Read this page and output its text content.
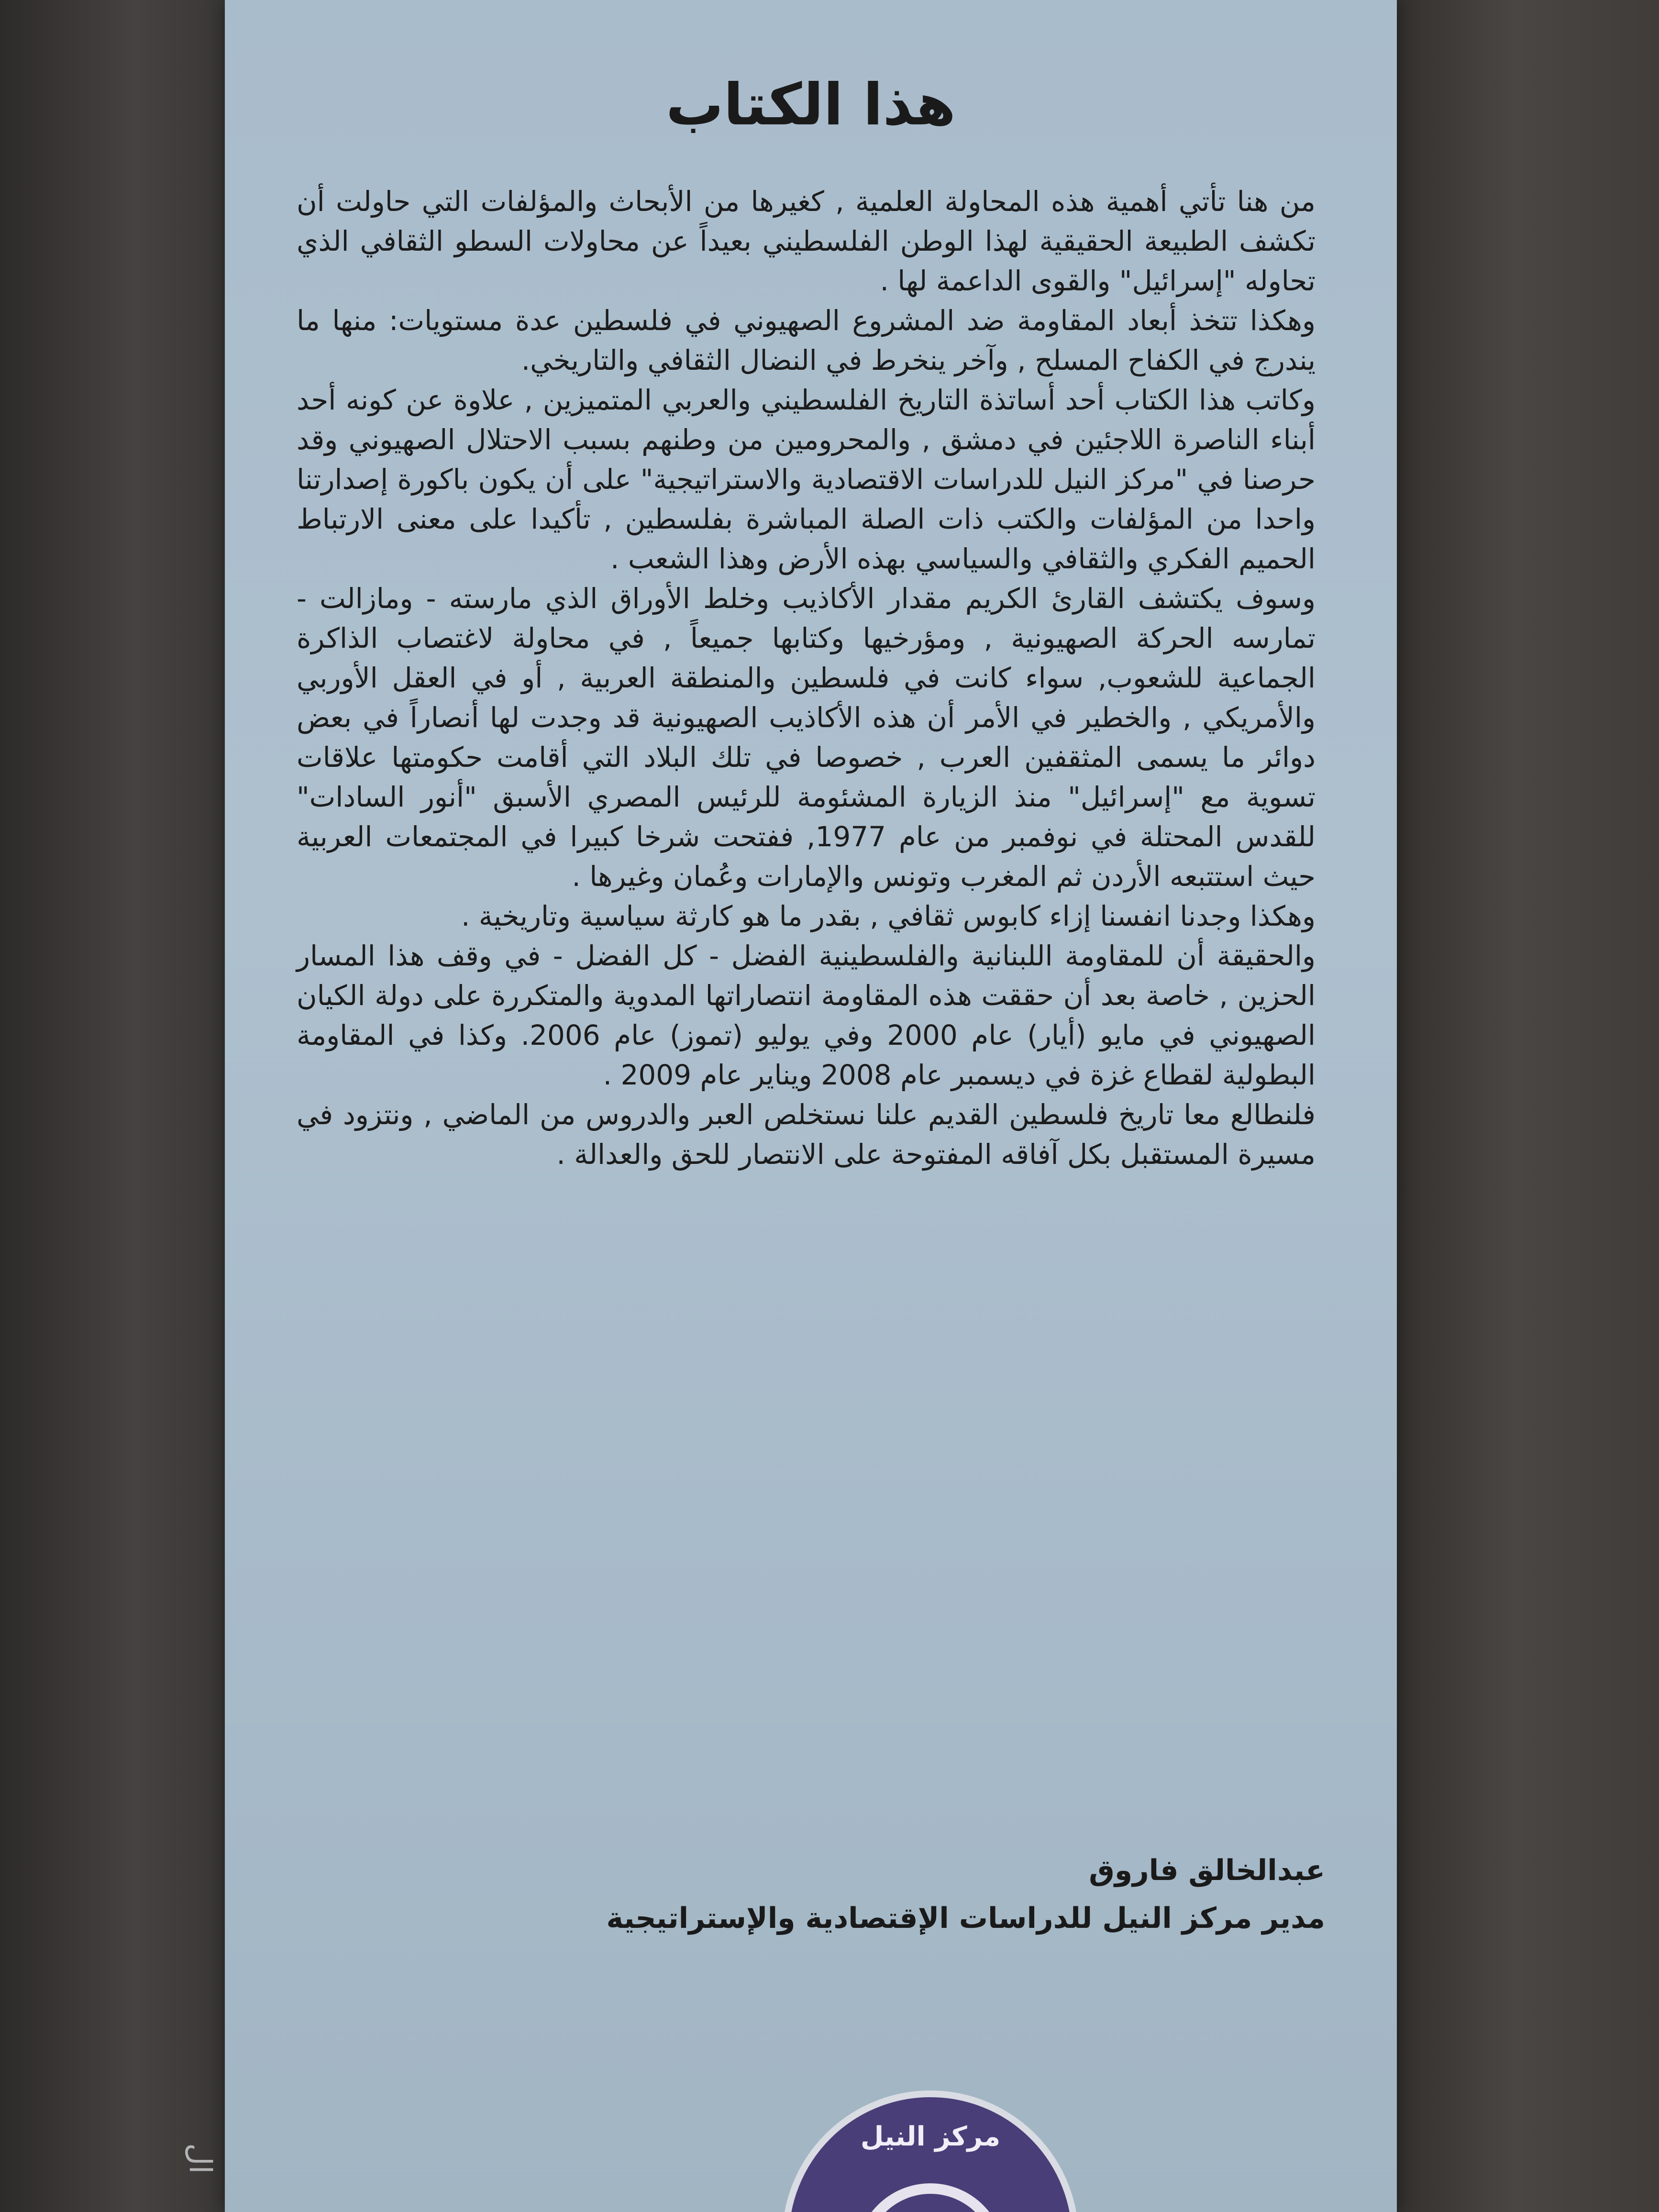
هذا الكتاب

من هنا تأتي أهمية هذه المحاولة العلمية , كغيرها من الأبحاث والمؤلفات التي حاولت أن تكشف الطبيعة الحقيقية لهذا الوطن الفلسطيني بعيداً عن محاولات السطو الثقافي الذي تحاوله "إسرائيل" والقوى الداعمة لها .

وهكذا تتخذ أبعاد المقاومة ضد المشروع الصهيوني في فلسطين عدة مستويات: منها ما يندرج في الكفاح المسلح , وآخر ينخرط في النضال الثقافي والتاريخي.

وكاتب هذا الكتاب أحد أساتذة التاريخ الفلسطيني والعربي المتميزين , علاوة عن كونه أحد أبناء الناصرة اللاجئين في دمشق , والمحرومين من وطنهم بسبب الاحتلال الصهيوني وقد حرصنا في "مركز النيل للدراسات الاقتصادية والاستراتيجية" على أن يكون باكورة إصدارتنا واحدا من المؤلفات والكتب ذات الصلة المباشرة بفلسطين , تأكيدا على معنى الارتباط الحميم الفكري والثقافي والسياسي بهذه الأرض وهذا الشعب .

وسوف يكتشف القارئ الكريم مقدار الأكاذيب وخلط الأوراق الذي مارسته - ومازالت - تمارسه الحركة الصهيونية , ومؤرخيها وكتابها جميعاً , في محاولة لاغتصاب الذاكرة الجماعية للشعوب, سواء كانت في فلسطين والمنطقة العربية , أو في العقل الأوربي والأمريكي , والخطير في الأمر أن هذه الأكاذيب الصهيونية قد وجدت لها أنصاراً في بعض دوائر ما يسمى المثقفين العرب , خصوصا في تلك البلاد التي أقامت حكومتها علاقات تسوية مع "إسرائيل" منذ الزيارة المشئومة للرئيس المصري الأسبق "أنور السادات" للقدس المحتلة في نوفمبر من عام 1977, ففتحت شرخا كبيرا في المجتمعات العربية حيث استتبعه الأردن ثم المغرب وتونس والإمارات وعُمان وغيرها .

وهكذا وجدنا انفسنا إزاء كابوس ثقافي , بقدر ما هو كارثة سياسية وتاريخية .

والحقيقة أن للمقاومة اللبنانية والفلسطينية الفضل - كل الفضل - في وقف هذا المسار الحزين , خاصة بعد أن حققت هذه المقاومة انتصاراتها المدوية والمتكررة على دولة الكيان الصهيوني في مايو (أيار) عام 2000 وفي يوليو (تموز) عام 2006. وكذا في المقاومة البطولية لقطاع غزة في ديسمبر عام 2008 ويناير عام 2009 .

فلنطالع معا تاريخ فلسطين القديم علنا نستخلص العبر والدروس من الماضي , ونتزود في مسيرة المستقبل بكل آفاقه المفتوحة على الانتصار للحق والعدالة .

عبدالخالق فاروق
مدير مركز النيل للدراسات الإقتصادية والإستراتيجية
مركز النيل
ال
